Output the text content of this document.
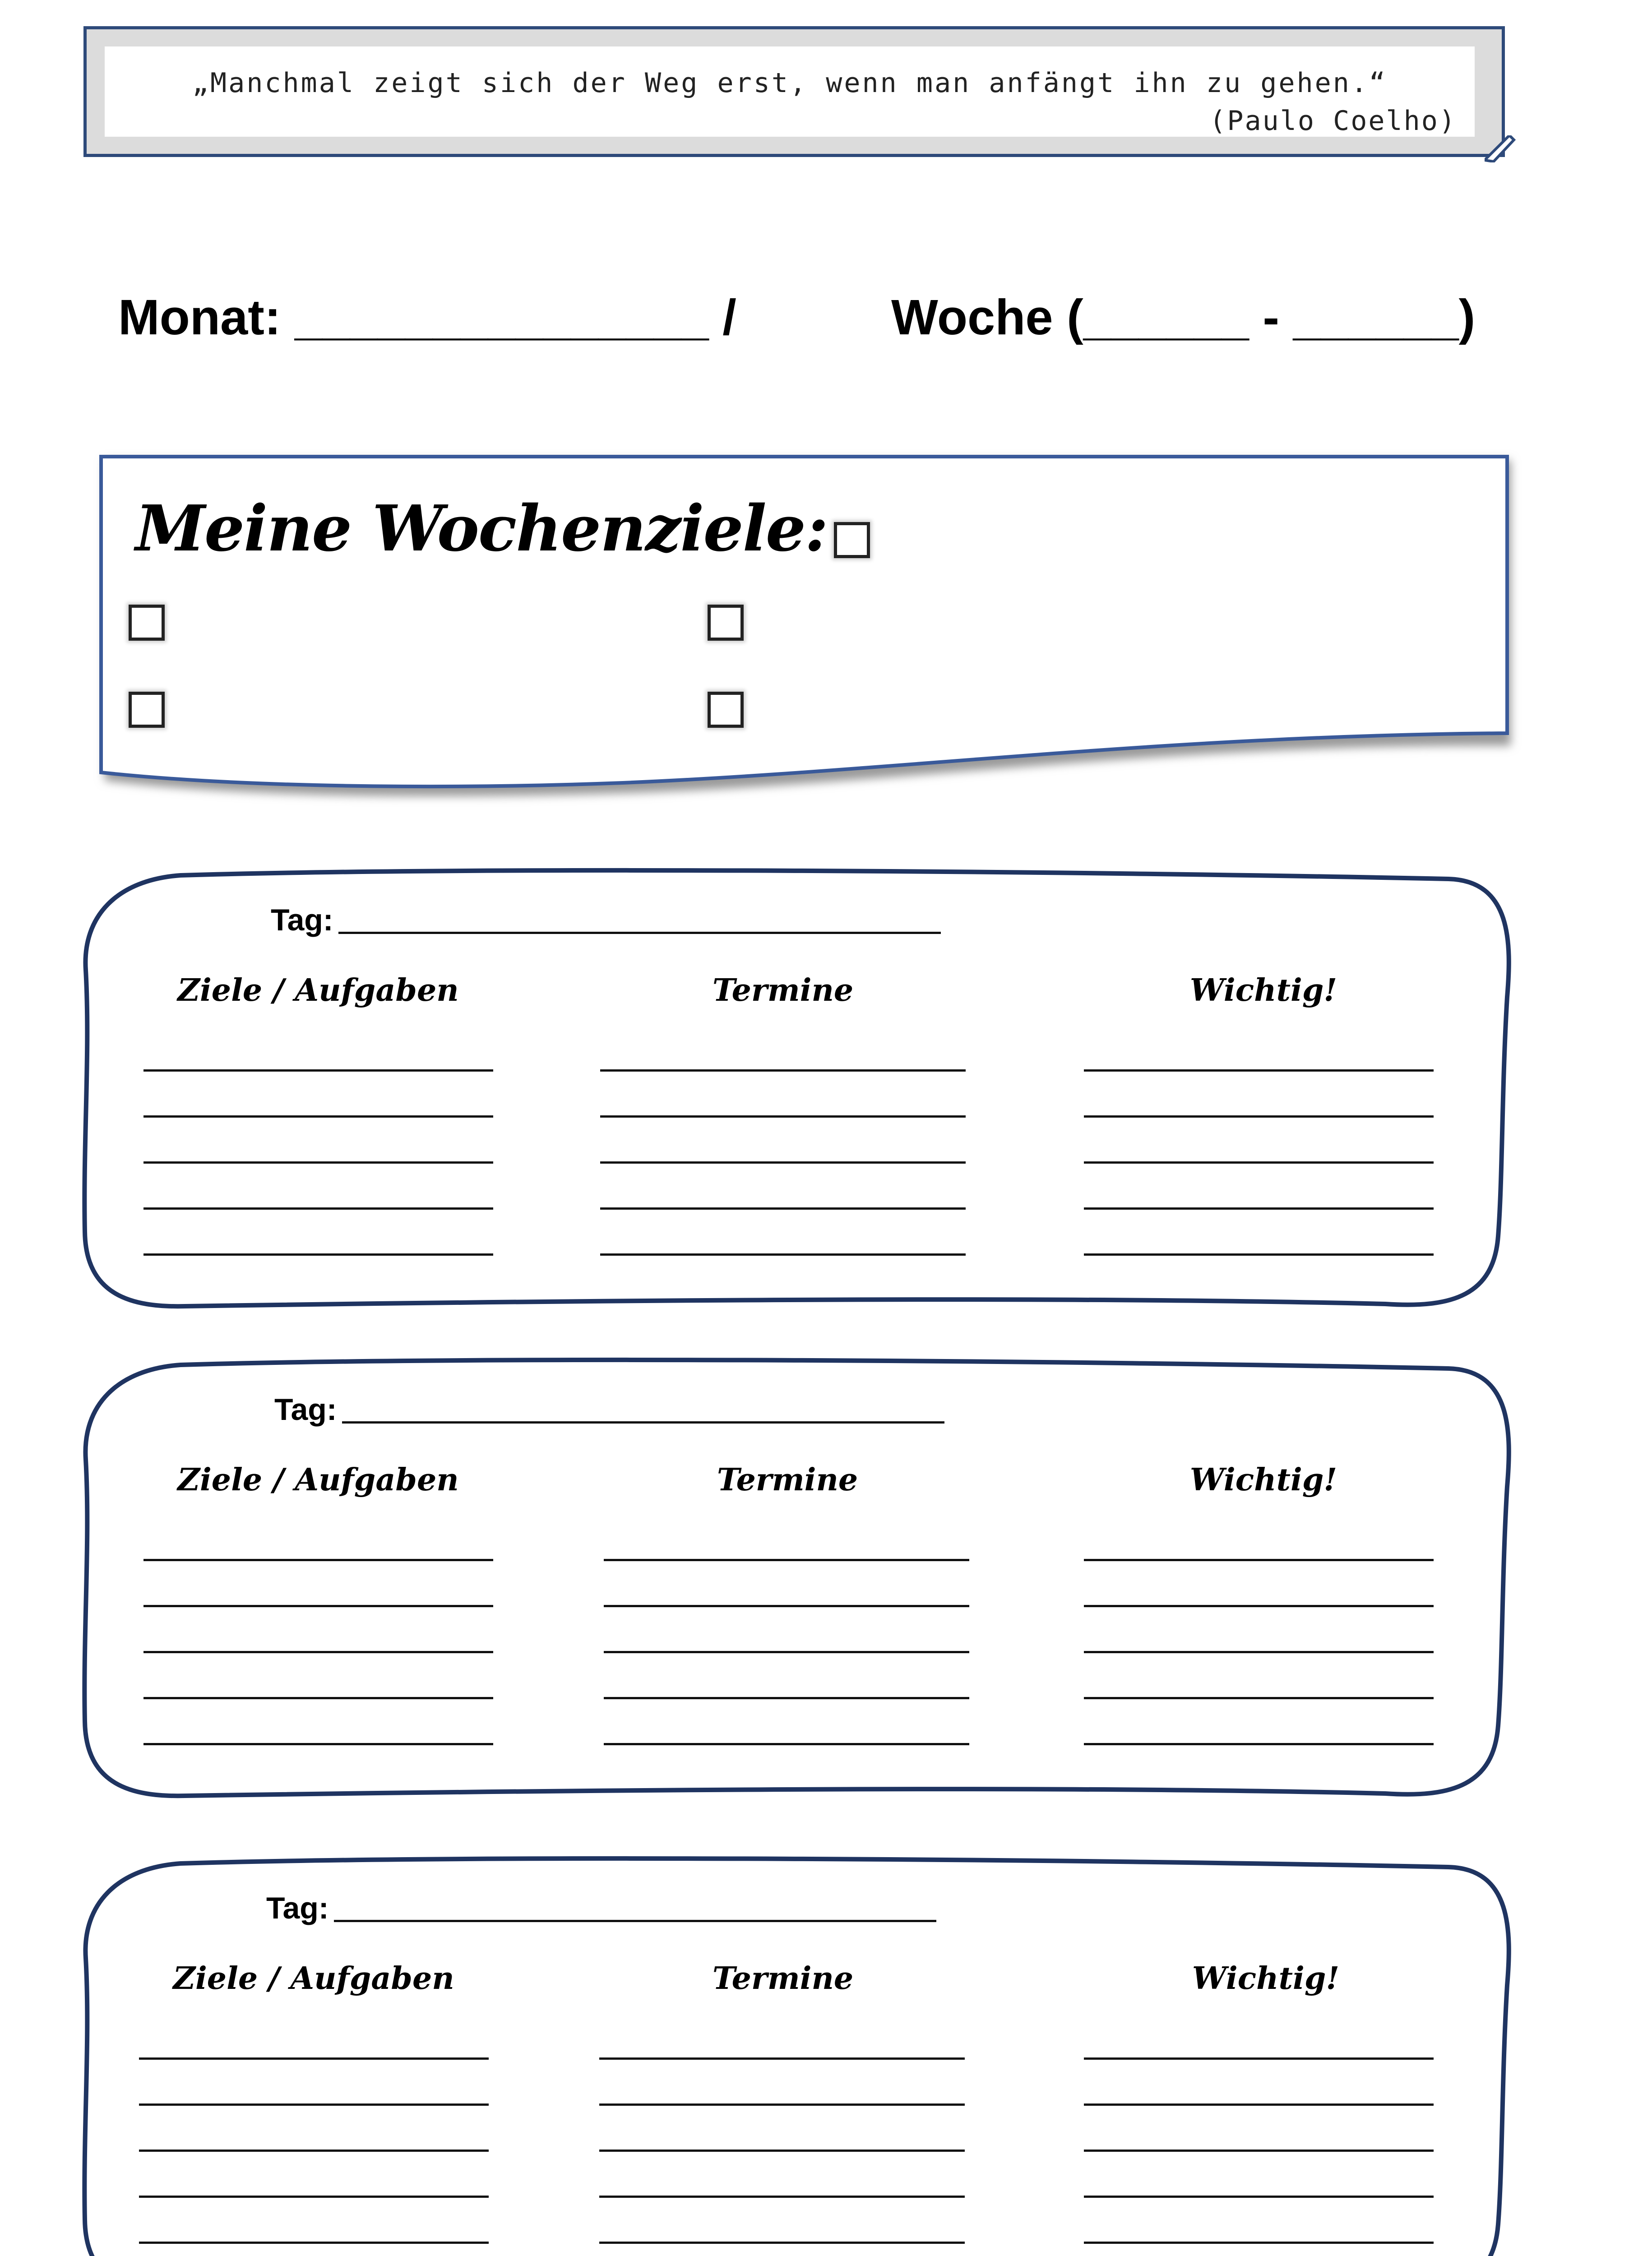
„Manchmal zeigt sich der Weg erst, wenn man anfängt ihn zu gehen.“
(Paulo Coelho)
Monat: _______________ /	Woche (______ - ______)
Meine Wochenziele:
Tag:
Ziele / Aufgaben	Termine	Wichtig!
Tag:
Ziele / Aufgaben	Termine	Wichtig!
Tag:
Ziele / Aufgaben	Termine	Wichtig!
